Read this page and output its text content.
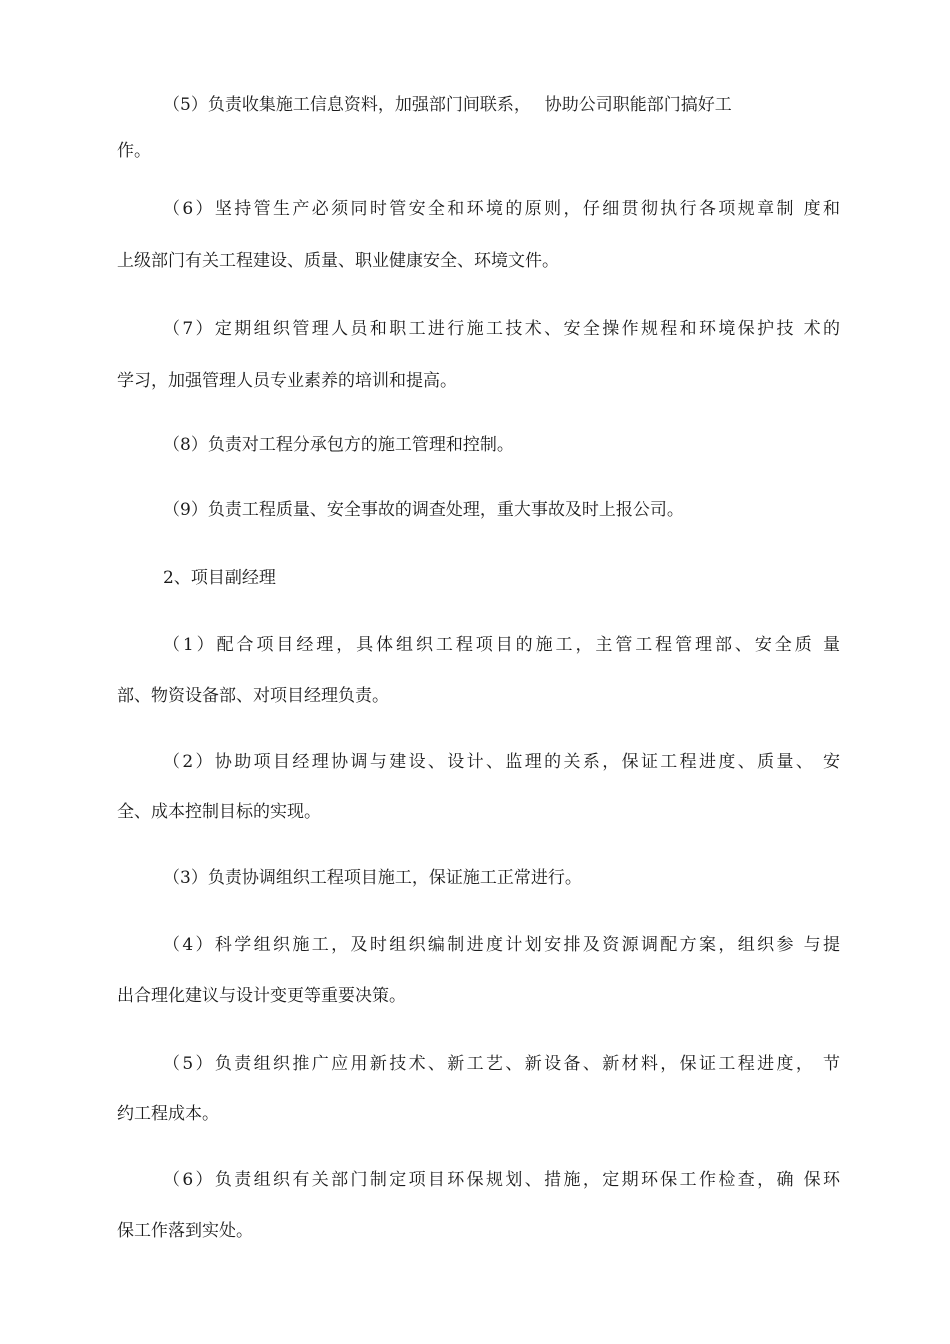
（5）负责收集施工信息资料，加强部门间联系，　 协助公司职能部门搞好工
作。
（6）坚持管生产必须同时管安全和环境的原则，仔细贯彻执行各项规章制 度和
上级部门有关工程建设、质量、职业健康安全、环境文件。
（7）定期组织管理人员和职工进行施工技术、安全操作规程和环境保护技 术的
学习，加强管理人员专业素养的培训和提高。
（8）负责对工程分承包方的施工管理和控制。
（9）负责工程质量、安全事故的调查处理，重大事故及时上报公司。
2、项目副经理
（1）配合项目经理，具体组织工程项目的施工，主管工程管理部、安全质 量
部、物资设备部、对项目经理负责。
（2）协助项目经理协调与建设、设计、监理的关系，保证工程进度、质量、 安
全、成本控制目标的实现。
（3）负责协调组织工程项目施工，保证施工正常进行。
（4）科学组织施工，及时组织编制进度计划安排及资源调配方案，组织参 与提
出合理化建议与设计变更等重要决策。
（5）负责组织推广应用新技术、新工艺、新设备、新材料，保证工程进度， 节
约工程成本。
（6）负责组织有关部门制定项目环保规划、措施，定期环保工作检查，确 保环
保工作落到实处。
